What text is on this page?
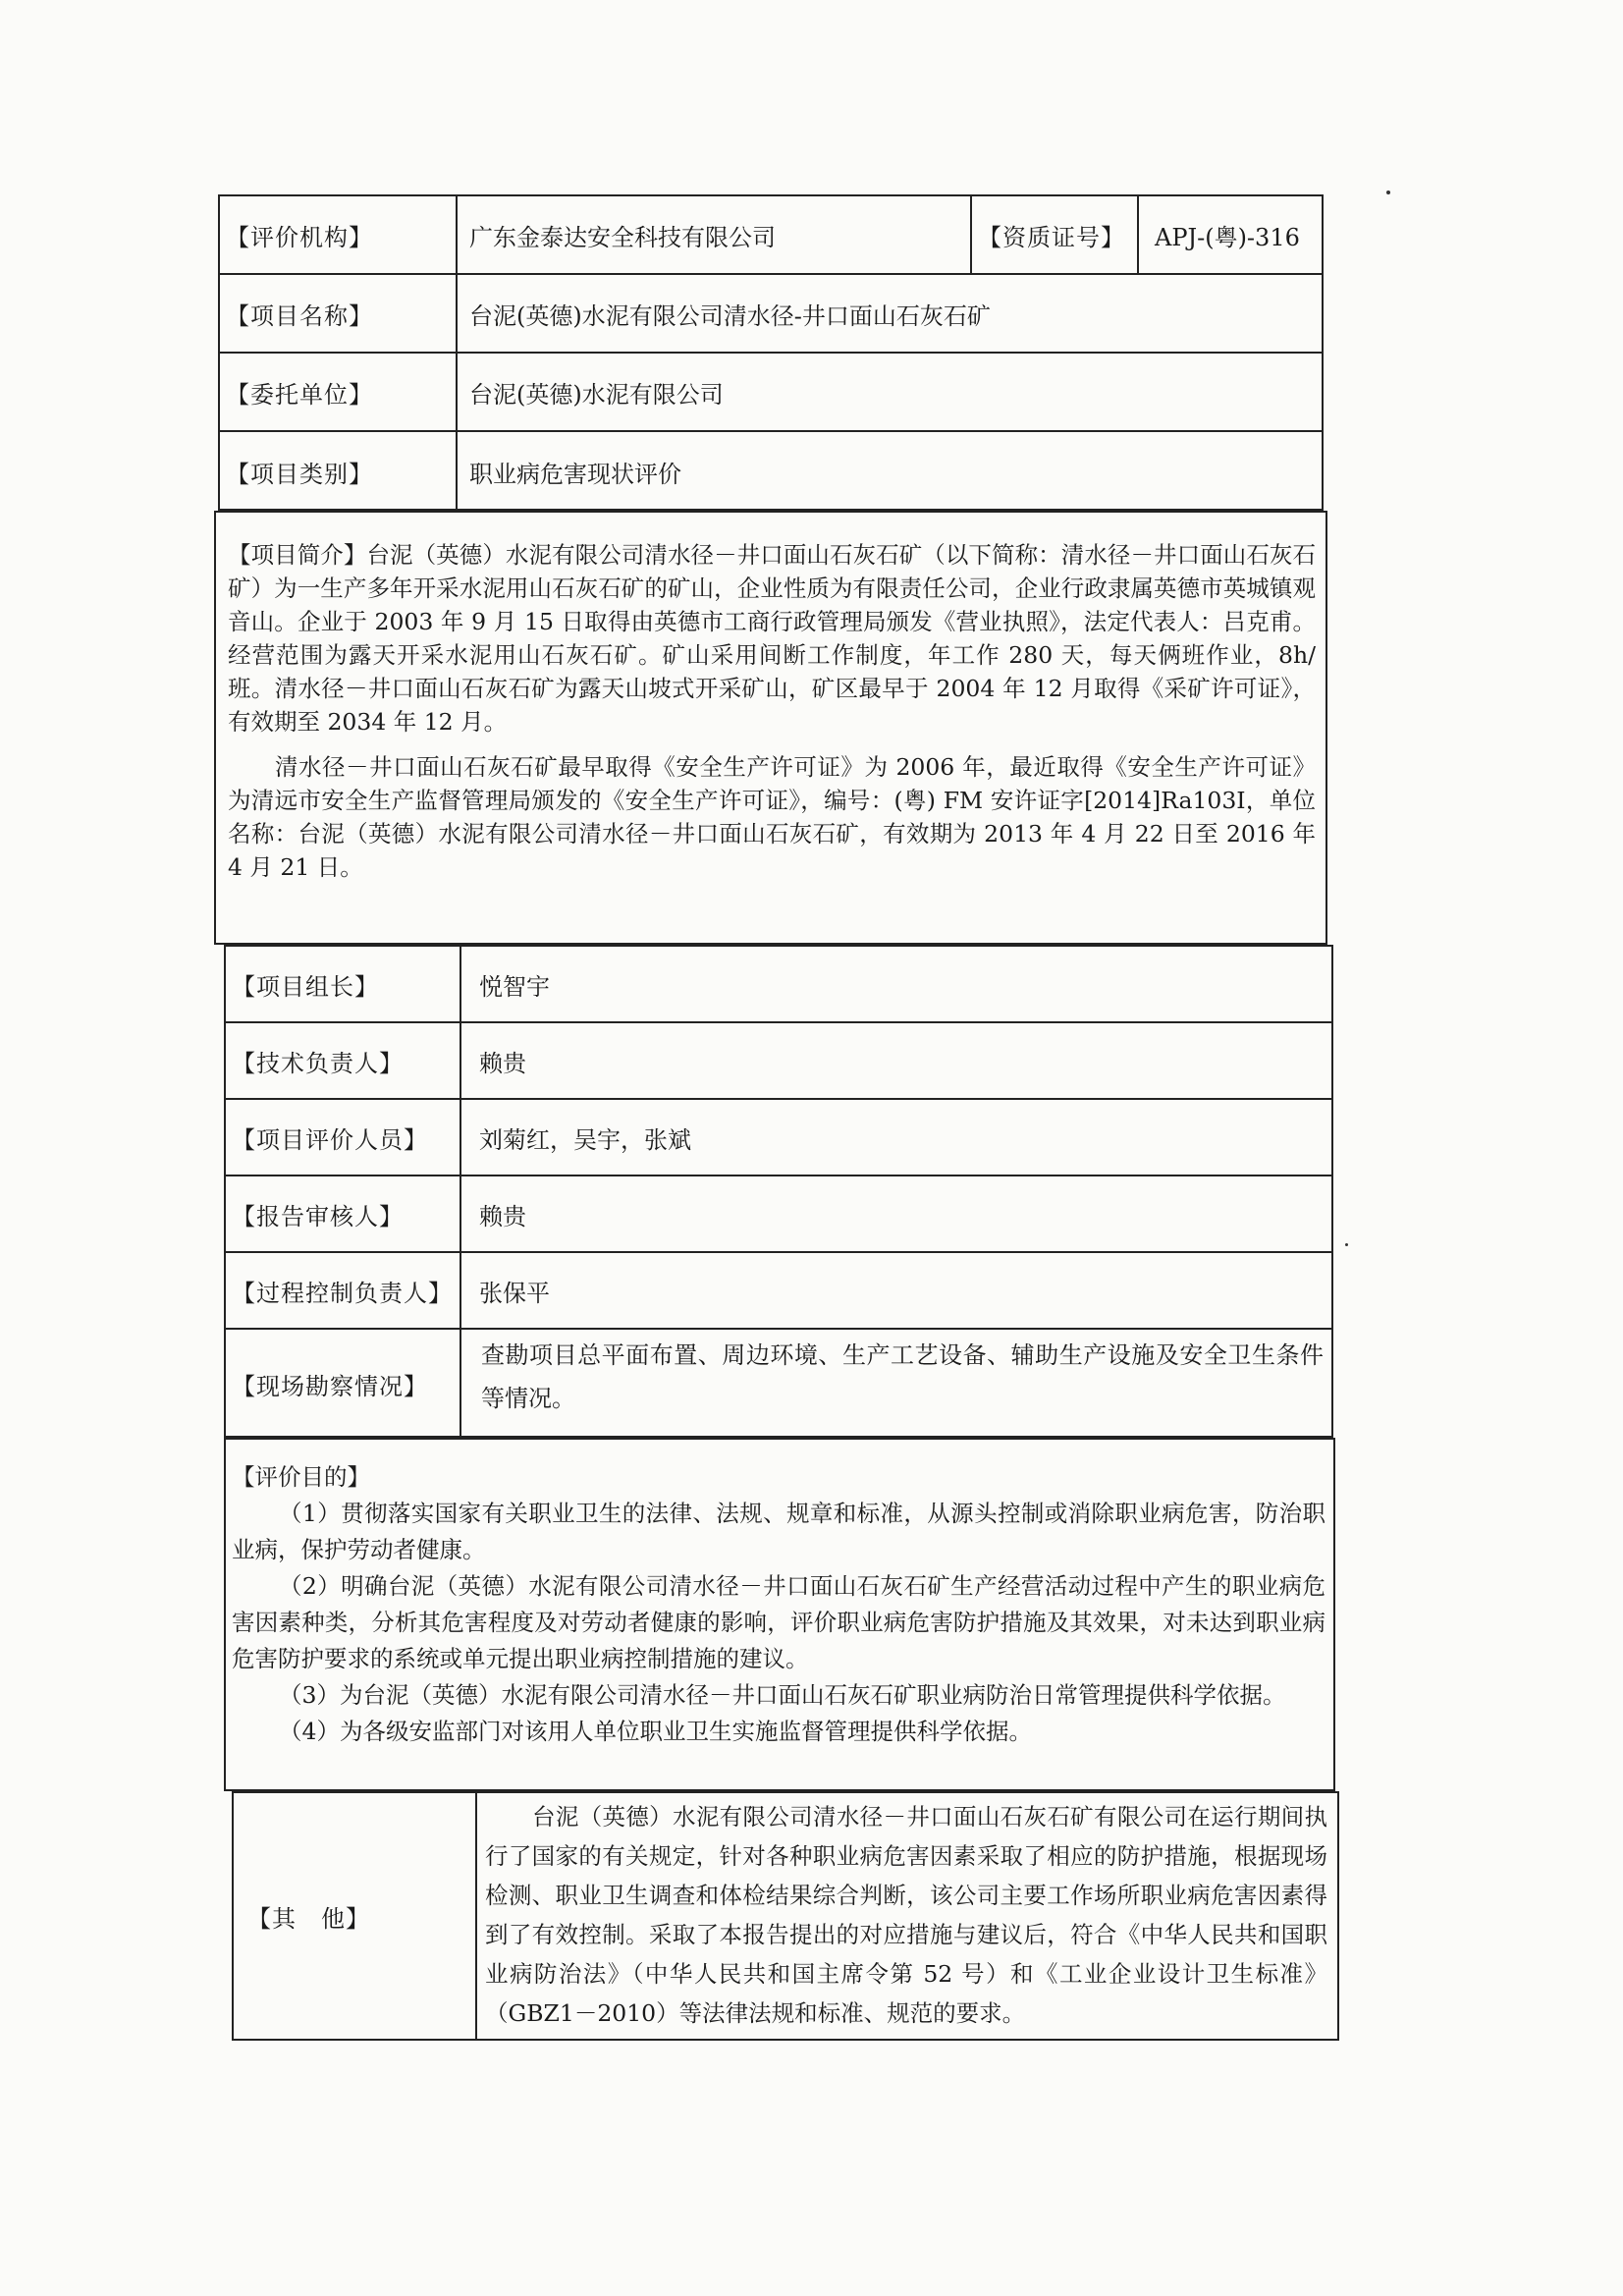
【评价机构】	广东金泰达安全科技有限公司	【资质证号】 APJ-(粤)-316
【项目名称】	台泥(英德)水泥有限公司清水径-井口面山石灰石矿
【委托单位】	台泥(英德)水泥有限公司
【项目类别】	职业病危害现状评价

【项目简介】台泥（英德）水泥有限公司清水径－井口面山石灰石矿（以下简称：清水径－井口面山石灰石矿）为一生产多年开采水泥用山石灰石矿的矿山，企业性质为有限责任公司，企业行政隶属英德市英城镇观音山。企业于 2003 年 9 月 15 日取得由英德市工商行政管理局颁发《营业执照》，法定代表人：吕克甫。经营范围为露天开采水泥用山石灰石矿。矿山采用间断工作制度，年工作 280 天，每天俩班作业，8h/班。清水径－井口面山石灰石矿为露天山坡式开采矿山，矿区最早于 2004 年 12 月取得《采矿许可证》，有效期至 2034 年 12 月。

清水径－井口面山石灰石矿最早取得《安全生产许可证》为 2006 年，最近取得《安全生产许可证》为清远市安全生产监督管理局颁发的《安全生产许可证》，编号：(粤) FM 安许证字[2014]Ra103I，单位名称：台泥（英德）水泥有限公司清水径－井口面山石灰石矿，有效期为 2013 年 4 月 22 日至 2016 年 4 月 21 日。

【项目组长】	悦智宇
【技术负责人】	赖贵
【项目评价人员】 刘菊红，吴宇，张斌
【报告审核人】	赖贵
【过程控制负责人】 张保平
【现场勘察情况】
查勘项目总平面布置、周边环境、生产工艺设备、辅助生产设施及安全卫生条件等情况。

【评价目的】

（1）贯彻落实国家有关职业卫生的法律、法规、规章和标准，从源头控制或消除职业病危害，防治职业病，保护劳动者健康。

（2）明确台泥（英德）水泥有限公司清水径－井口面山石灰石矿生产经营活动过程中产生的职业病危害因素种类，分析其危害程度及对劳动者健康的影响，评价职业病危害防护措施及其效果，对未达到职业病危害防护要求的系统或单元提出职业病控制措施的建议。

（3）为台泥（英德）水泥有限公司清水径－井口面山石灰石矿职业病防治日常管理提供科学依据。

（4）为各级安监部门对该用人单位职业卫生实施监督管理提供科学依据。

【其　他】
台泥（英德）水泥有限公司清水径－井口面山石灰石矿有限公司在运行期间执行了国家的有关规定，针对各种职业病危害因素采取了相应的防护措施，根据现场检测、职业卫生调查和体检结果综合判断，该公司主要工作场所职业病危害因素得到了有效控制。采取了本报告提出的对应措施与建议后，符合《中华人民共和国职业病防治法》（中华人民共和国主席令第 52 号）和《工业企业设计卫生标准》（GBZ1－2010）等法律法规和标准、规范的要求。
